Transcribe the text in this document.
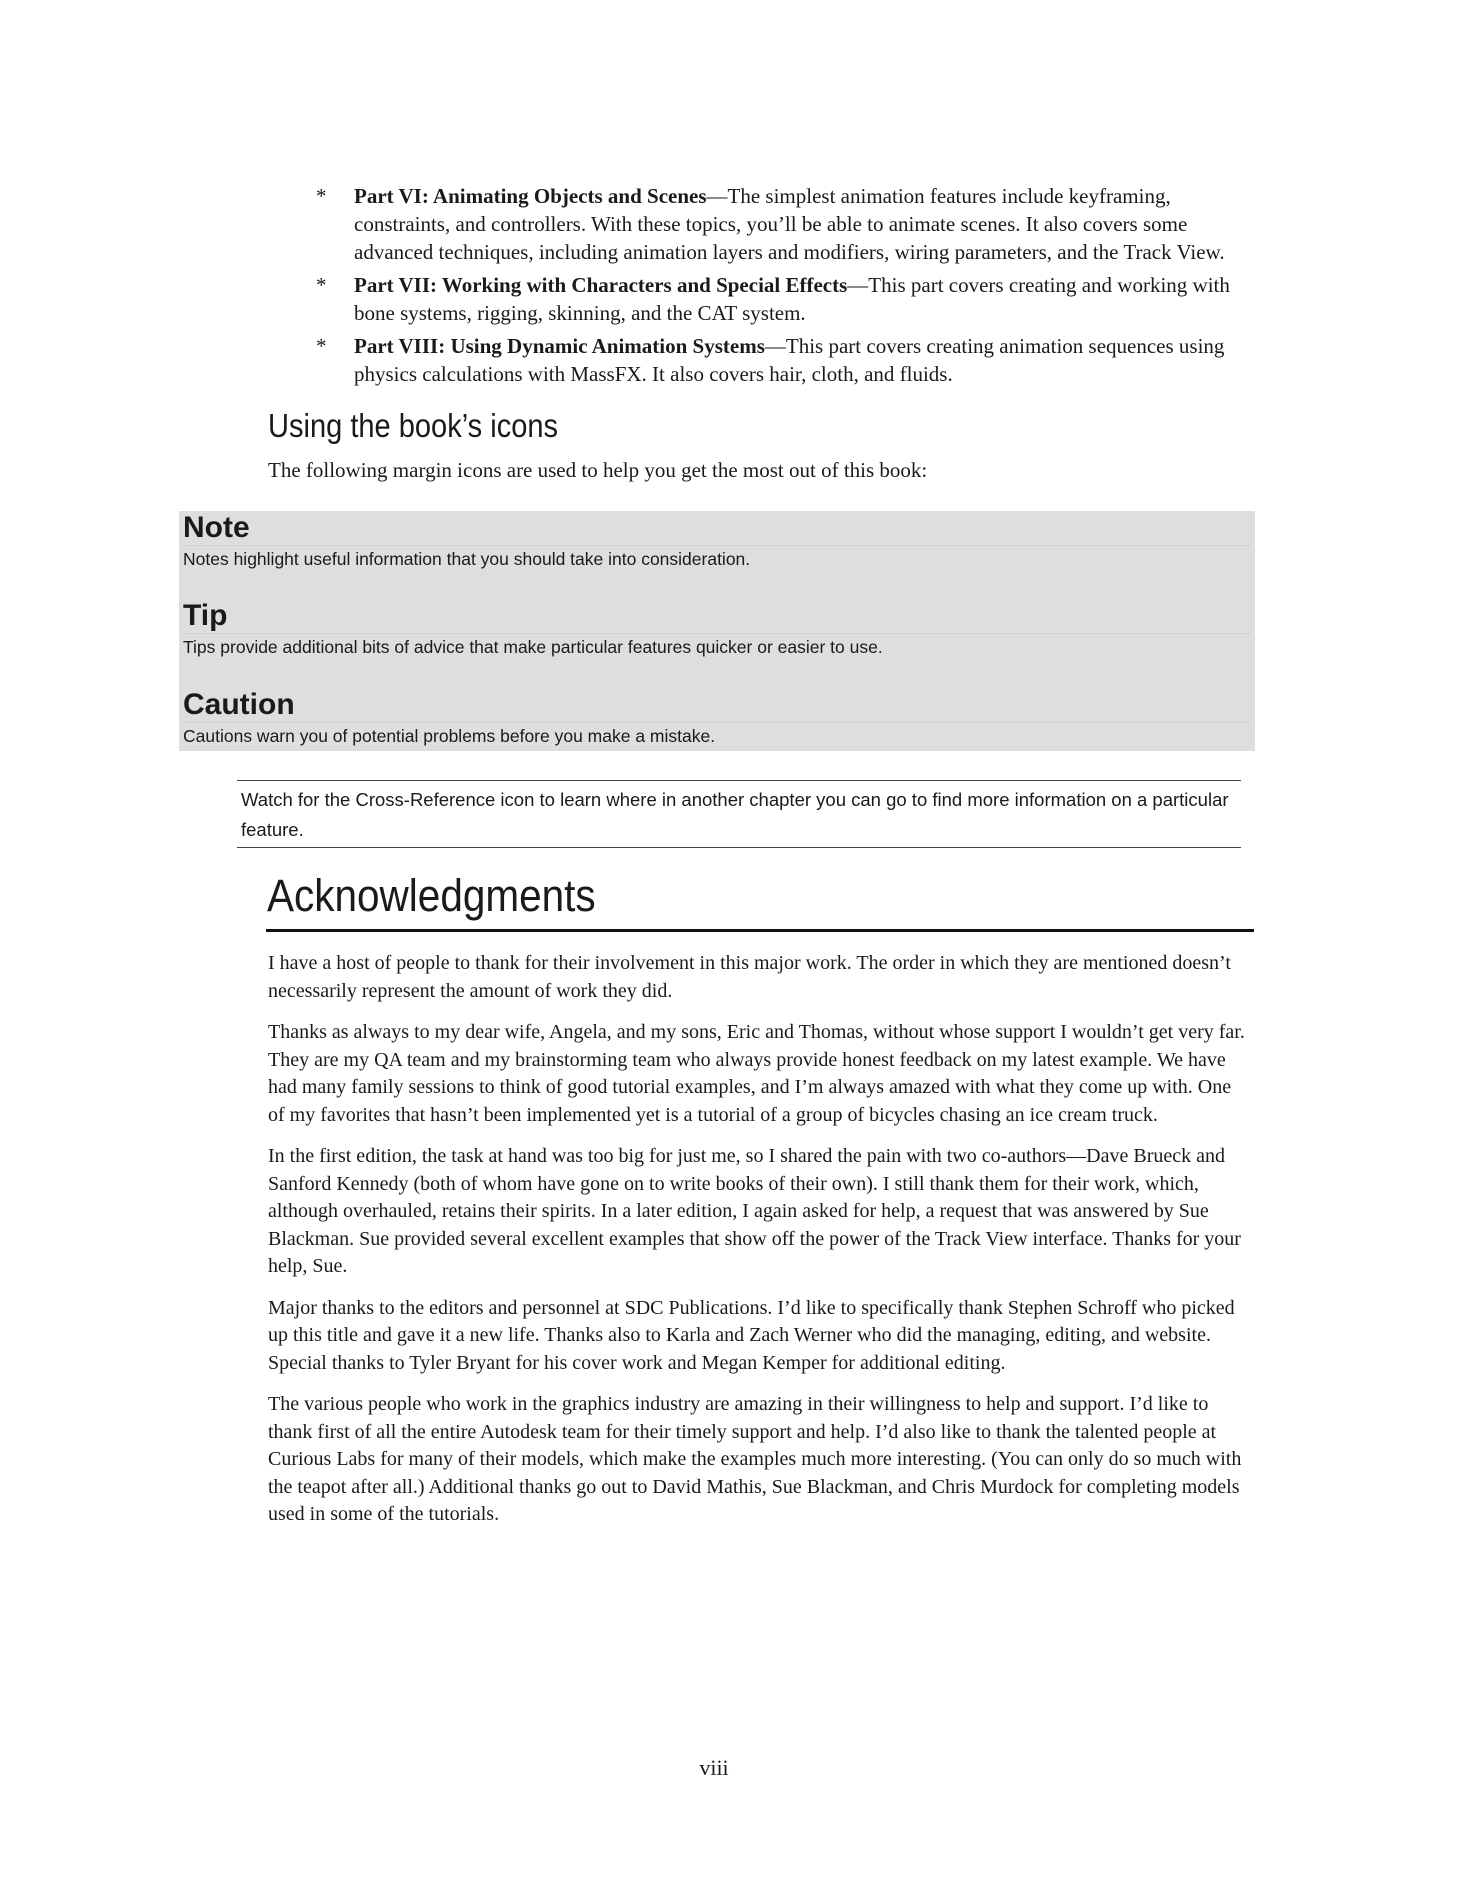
* Part VI: Animating Objects and Scenes—The simplest animation features include keyframing, constraints, and controllers. With these topics, you’ll be able to animate scenes. It also covers some advanced techniques, including animation layers and modifiers, wiring parameters, and the Track View.
* Part VII: Working with Characters and Special Effects—This part covers creating and working with bone systems, rigging, skinning, and the CAT system.
* Part VIII: Using Dynamic Animation Systems—This part covers creating animation sequences using physics calculations with MassFX. It also covers hair, cloth, and fluids.
Using the book’s icons

The following margin icons are used to help you get the most out of this book:

Note

Notes highlight useful information that you should take into consideration.

Tip

Tips provide additional bits of advice that make particular features quicker or easier to use.

Caution

Cautions warn you of potential problems before you make a mistake.

Watch for the Cross-Reference icon to learn where in another chapter you can go to find more information on a particular feature.
Acknowledgments

I have a host of people to thank for their involvement in this major work. The order in which they are mentioned doesn’t necessarily represent the amount of work they did.

Thanks as always to my dear wife, Angela, and my sons, Eric and Thomas, without whose support I wouldn’t get very far. They are my QA team and my brainstorming team who always provide honest feedback on my latest example. We have had many family sessions to think of good tutorial examples, and I’m always amazed with what they come up with. One of my favorites that hasn’t been implemented yet is a tutorial of a group of bicycles chasing an ice cream truck.

In the first edition, the task at hand was too big for just me, so I shared the pain with two co-authors—Dave Brueck and Sanford Kennedy (both of whom have gone on to write books of their own). I still thank them for their work, which, although overhauled, retains their spirits. In a later edition, I again asked for help, a request that was answered by Sue Blackman. Sue provided several excellent examples that show off the power of the Track View interface. Thanks for your help, Sue.

Major thanks to the editors and personnel at SDC Publications. I’d like to specifically thank Stephen Schroff who picked up this title and gave it a new life. Thanks also to Karla and Zach Werner who did the managing, editing, and website. Special thanks to Tyler Bryant for his cover work and Megan Kemper for additional editing.

The various people who work in the graphics industry are amazing in their willingness to help and support. I’d like to thank first of all the entire Autodesk team for their timely support and help. I’d also like to thank the talented people at Curious Labs for many of their models, which make the examples much more interesting. (You can only do so much with the teapot after all.) Additional thanks go out to David Mathis, Sue Blackman, and Chris Murdock for completing models used in some of the tutorials.

viii
